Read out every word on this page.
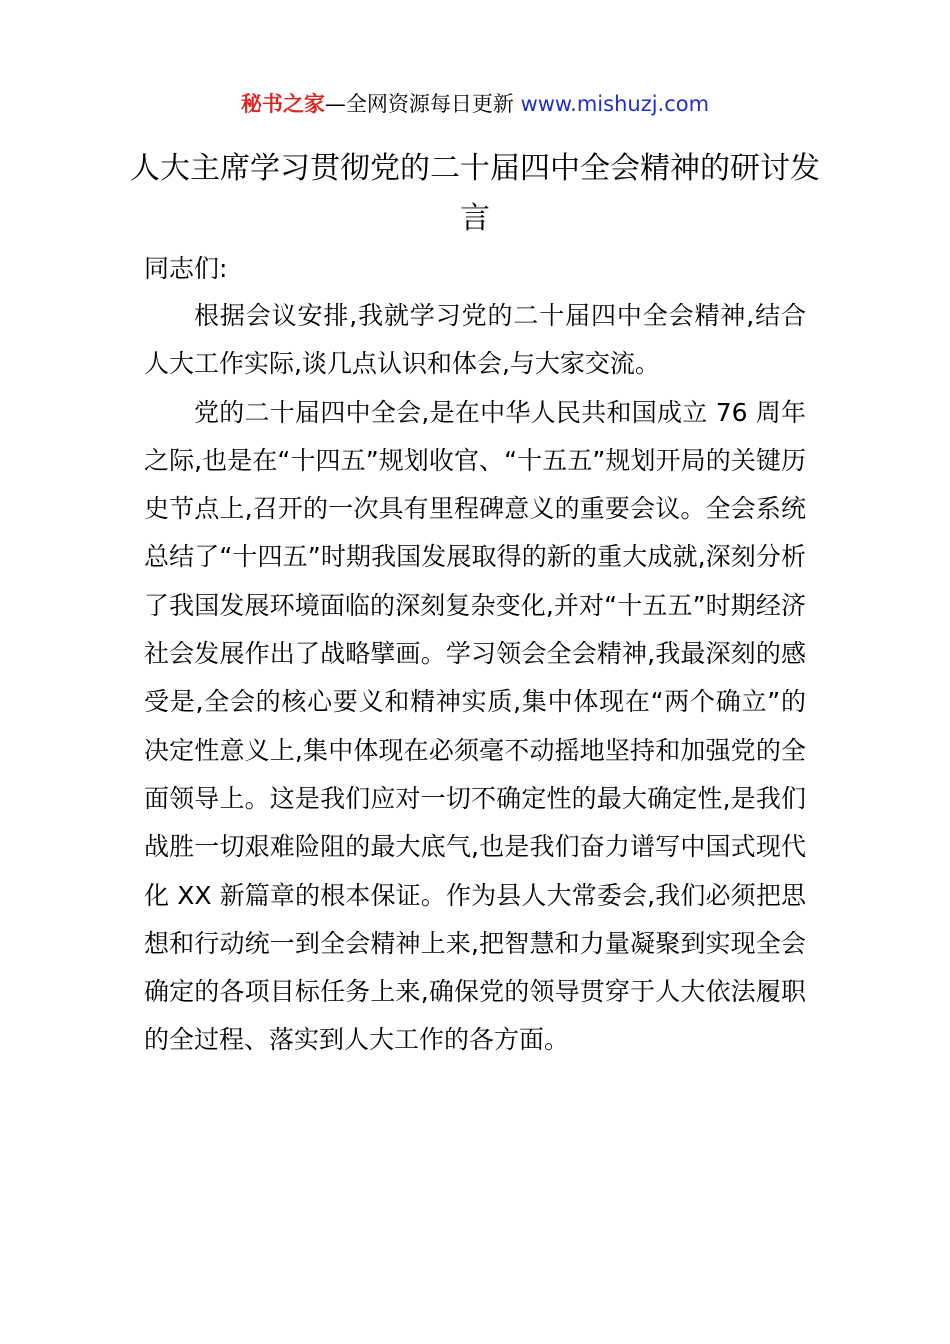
秘书之家—全网资源每日更新 www.mishuzj.com
人大主席学习贯彻党的二十届四中全会精神的研讨发言

同志们:

根据会议安排,我就学习党的二十届四中全会精神,结合人大工作实际,谈几点认识和体会,与大家交流。

党的二十届四中全会,是在中华人民共和国成立 76 周年之际,也是在“十四五”规划收官、“十五五”规划开局的关键历史节点上,召开的一次具有里程碑意义的重要会议。全会系统总结了“十四五”时期我国发展取得的新的重大成就,深刻分析了我国发展环境面临的深刻复杂变化,并对“十五五”时期经济社会发展作出了战略擘画。学习领会全会精神,我最深刻的感受是,全会的核心要义和精神实质,集中体现在“两个确立”的决定性意义上,集中体现在必须毫不动摇地坚持和加强党的全面领导上。这是我们应对一切不确定性的最大确定性,是我们战胜一切艰难险阻的最大底气,也是我们奋力谱写中国式现代化 XX 新篇章的根本保证。作为县人大常委会,我们必须把思想和行动统一到全会精神上来,把智慧和力量凝聚到实现全会确定的各项目标任务上来,确保党的领导贯穿于人大依法履职的全过程、落实到人大工作的各方面。
